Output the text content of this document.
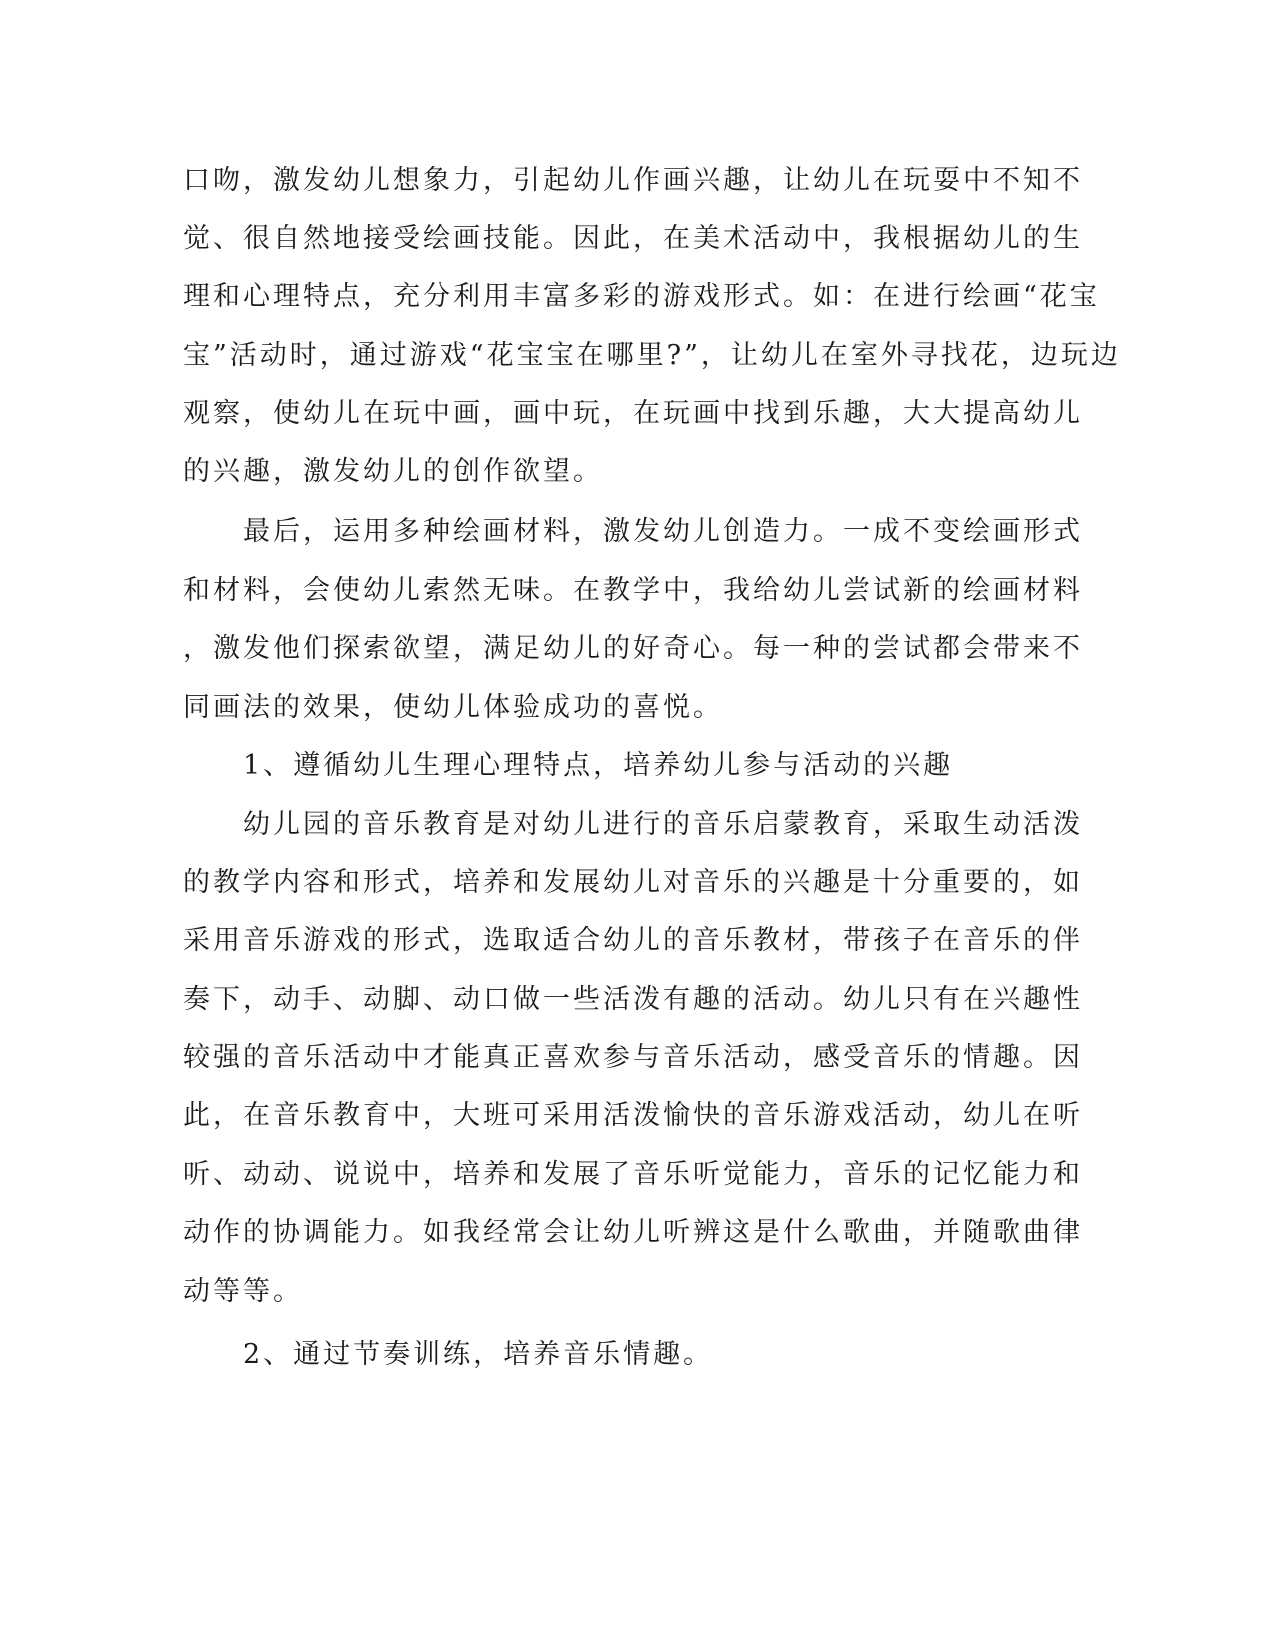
口吻，激发幼儿想象力，引起幼儿作画兴趣，让幼儿在玩耍中不知不
觉、很自然地接受绘画技能。因此，在美术活动中，我根据幼儿的生
理和心理特点，充分利用丰富多彩的游戏形式。如：在进行绘画“花宝
宝”活动时，通过游戏“花宝宝在哪里?”，让幼儿在室外寻找花，边玩边
观察，使幼儿在玩中画，画中玩，在玩画中找到乐趣，大大提高幼儿
的兴趣，激发幼儿的创作欲望。
　　最后，运用多种绘画材料，激发幼儿创造力。一成不变绘画形式
和材料，会使幼儿索然无味。在教学中，我给幼儿尝试新的绘画材料
，激发他们探索欲望，满足幼儿的好奇心。每一种的尝试都会带来不
同画法的效果，使幼儿体验成功的喜悦。
　　1、遵循幼儿生理心理特点，培养幼儿参与活动的兴趣
　　幼儿园的音乐教育是对幼儿进行的音乐启蒙教育，采取生动活泼
的教学内容和形式，培养和发展幼儿对音乐的兴趣是十分重要的，如
采用音乐游戏的形式，选取适合幼儿的音乐教材，带孩子在音乐的伴
奏下，动手、动脚、动口做一些活泼有趣的活动。幼儿只有在兴趣性
较强的音乐活动中才能真正喜欢参与音乐活动，感受音乐的情趣。因
此，在音乐教育中，大班可采用活泼愉快的音乐游戏活动，幼儿在听
听、动动、说说中，培养和发展了音乐听觉能力，音乐的记忆能力和
动作的协调能力。如我经常会让幼儿听辨这是什么歌曲，并随歌曲律
动等等。
　　2、通过节奏训练，培养音乐情趣。
